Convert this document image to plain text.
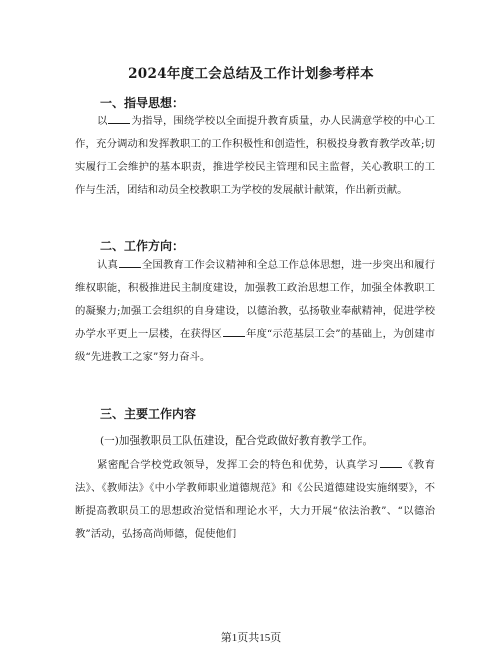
2024年度工会总结及工作计划参考样本
一、指导思想：

以 为指导，围绕学校以全面提升教育质量，办人民满意学校的中心工作，充分调动和发挥教职工的工作积极性和创造性，积极投身教育教学改革;切实履行工会维护的基本职责，推进学校民主管理和民主监督，关心教职工的工作与生活，团结和动员全校教职工为学校的发展献计献策，作出新贡献。

二、工作方向：

认真 全国教育工作会议精神和全总工作总体思想，进一步突出和履行维权职能，积极推进民主制度建设，加强教工政治思想工作，加强全体教职工的凝聚力;加强工会组织的自身建设，以德治教，弘扬敬业奉献精神，促进学校办学水平更上一层楼，在获得区 年度“示范基层工会”的基础上，为创建市级“先进教工之家”努力奋斗。

三、主要工作内容
(一)加强教职员工队伍建设，配合党政做好教育教学工作。

紧密配合学校党政领导，发挥工会的特色和优势，认真学习 《教育法》、《教师法》《中小学教师职业道德规范》和《公民道德建设实施纲要》，不断提高教职员工的思想政治觉悟和理论水平，大力开展“依法治教”、“以德治教”活动，弘扬高尚师德，促使他们

第1页共15页
